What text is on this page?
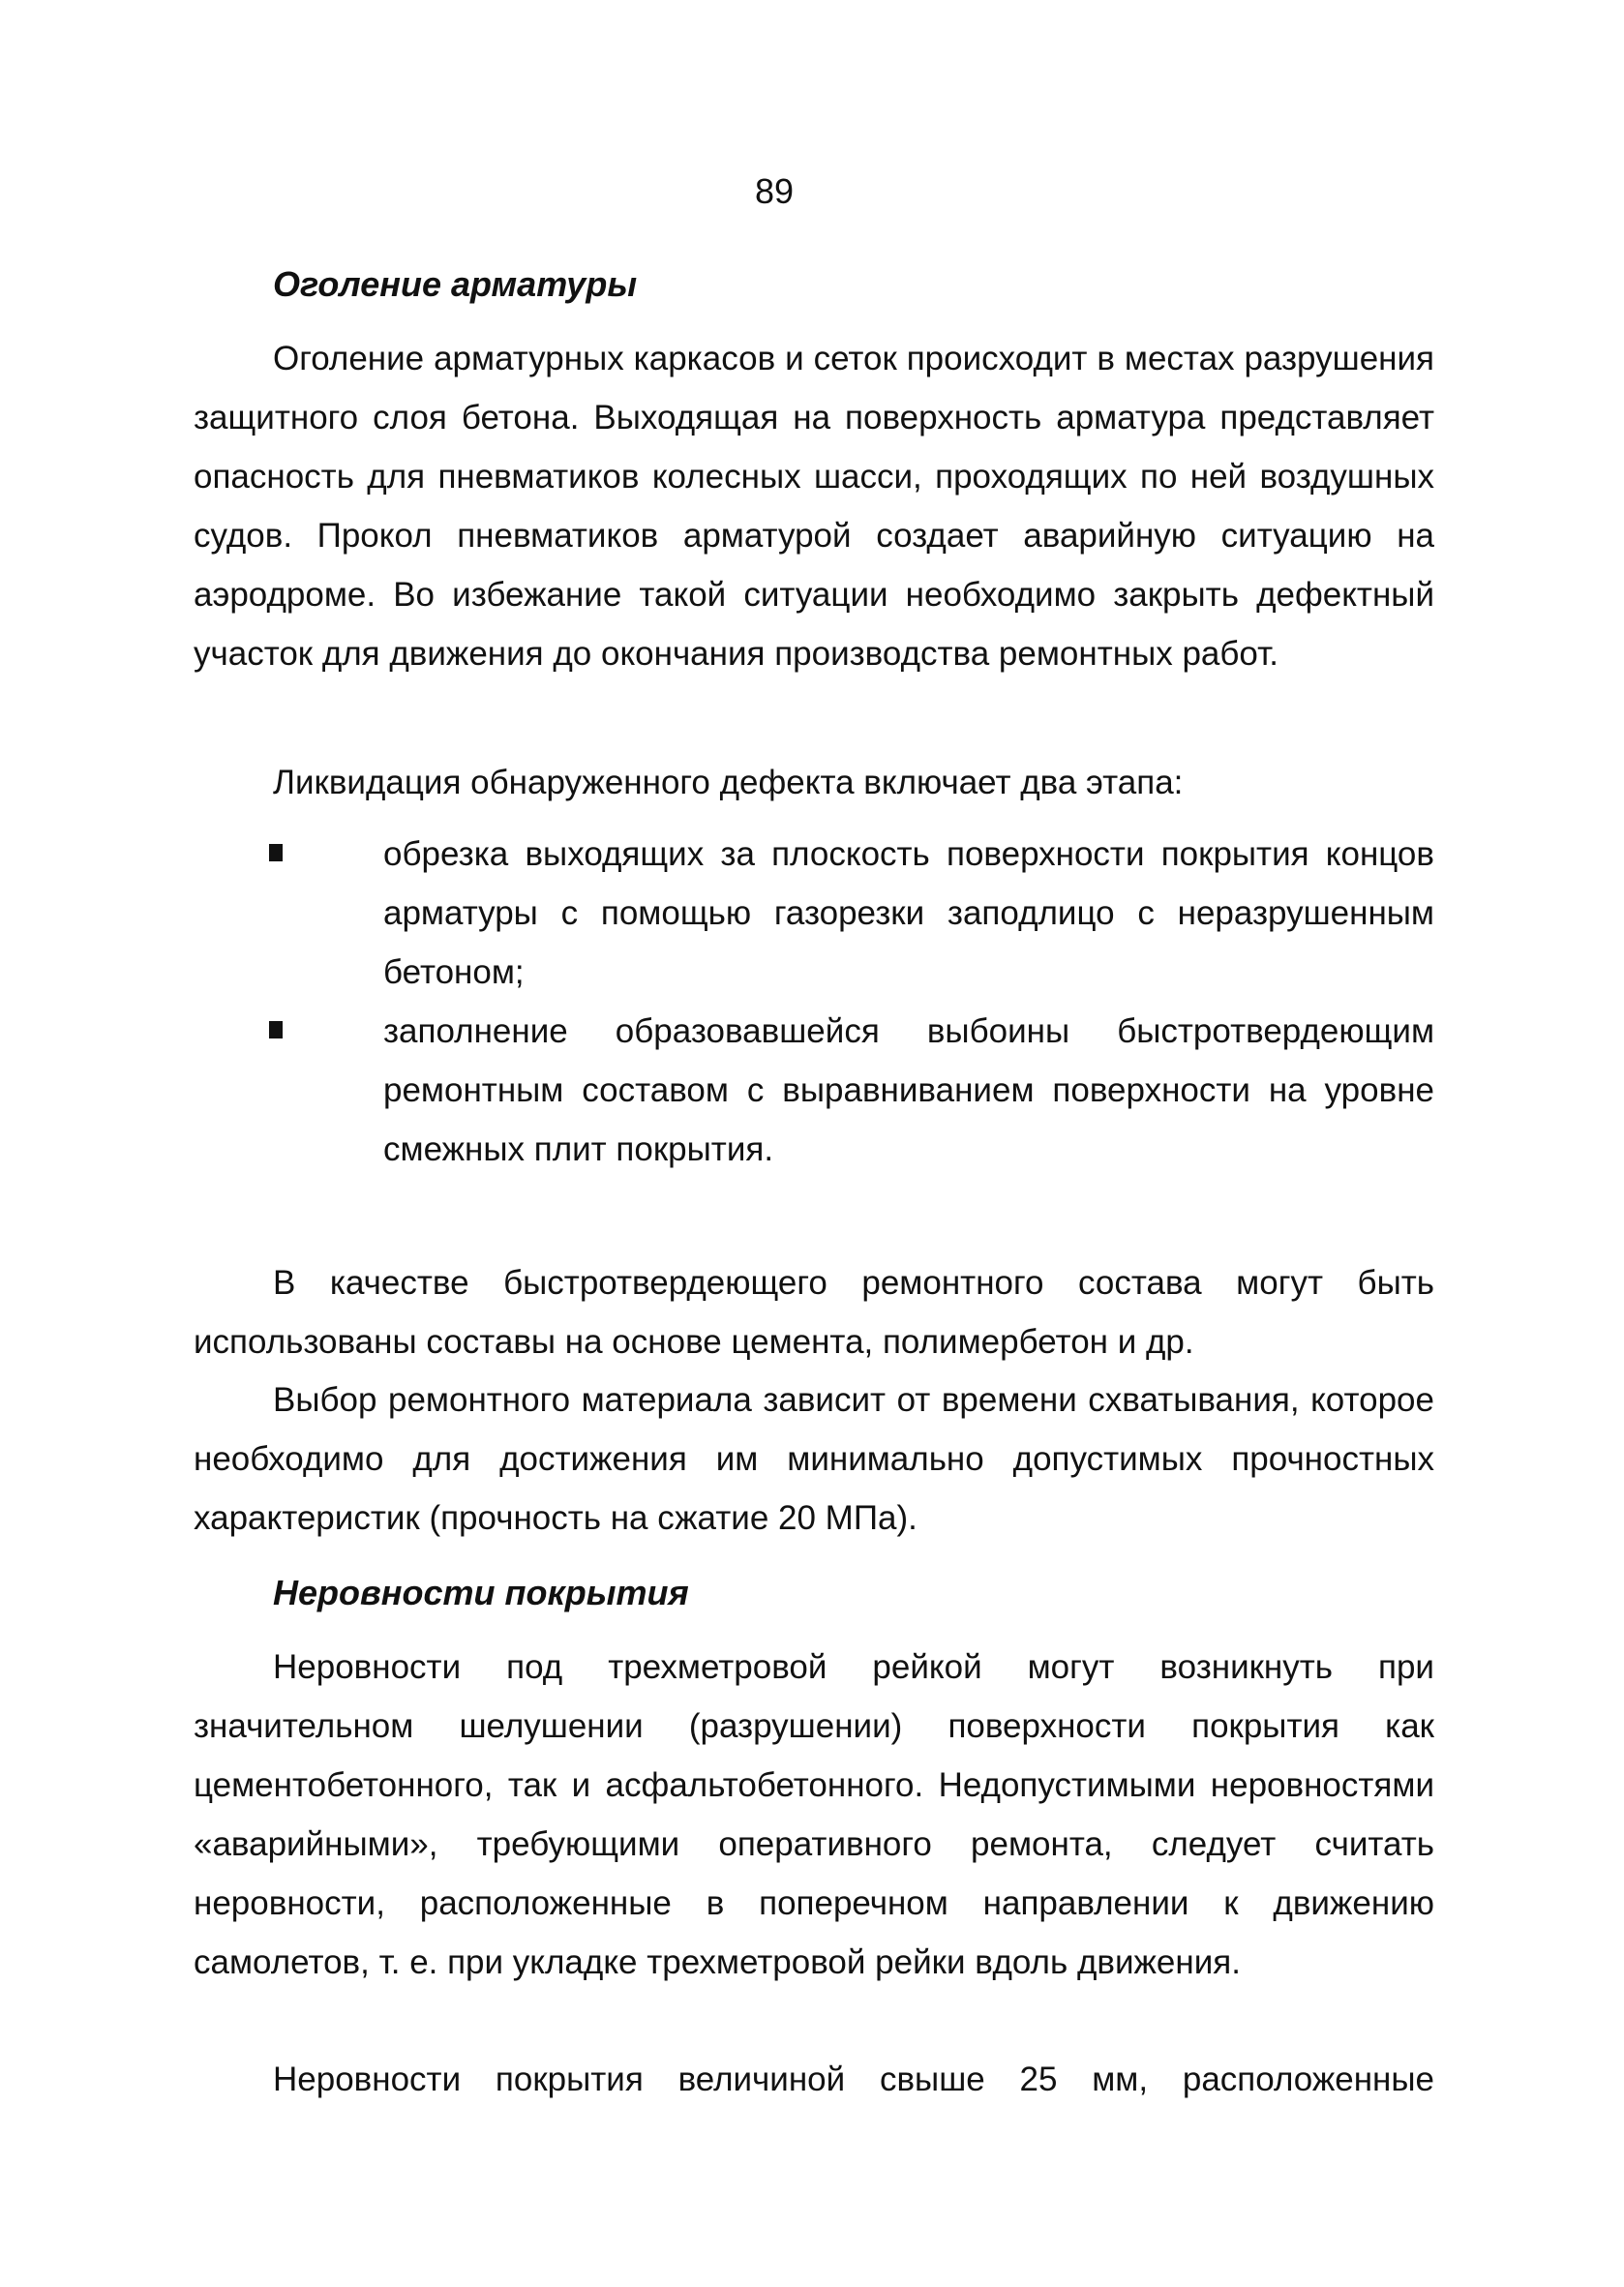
89
Оголение арматуры

Оголение арматурных каркасов и сеток происходит в местах разрушения защитного слоя бетона. Выходящая на поверхность арматура представляет опасность для пневматиков колесных шасси, проходящих по ней воздушных судов. Прокол пневматиков арматурой создает аварийную ситуацию на аэродроме. Во избежание такой ситуации необходимо закрыть дефектный участок для движения до окончания производства ремонтных работ.

Ликвидация обнаруженного дефекта включает два этапа:

обрезка выходящих за плоскость поверхности покрытия концов арматуры с помощью газорезки заподлицо с неразрушенным бетоном;
заполнение образовавшейся выбоины быстротвердеющим ремонтным составом с выравниванием поверхности на уровне смежных плит покрытия.

В качестве быстротвердеющего ремонтного состава могут быть использованы составы на основе цемента, полимербетон и др.

Выбор ремонтного материала зависит от времени схватывания, которое необходимо для достижения им минимально допустимых прочностных характеристик (прочность на сжатие 20 МПа).

Неровности покрытия

Неровности под трехметровой рейкой могут возникнуть при значительном шелушении (разрушении) поверхности покрытия как цементобетонного, так и асфальтобетонного. Недопустимыми неровностями «аварийными», требующими оперативного ремонта, следует считать неровности, расположенные в поперечном направлении к движению самолетов, т. е. при укладке трехметровой рейки вдоль движения.

Неровности покрытия величиной свыше 25 мм, расположенные
